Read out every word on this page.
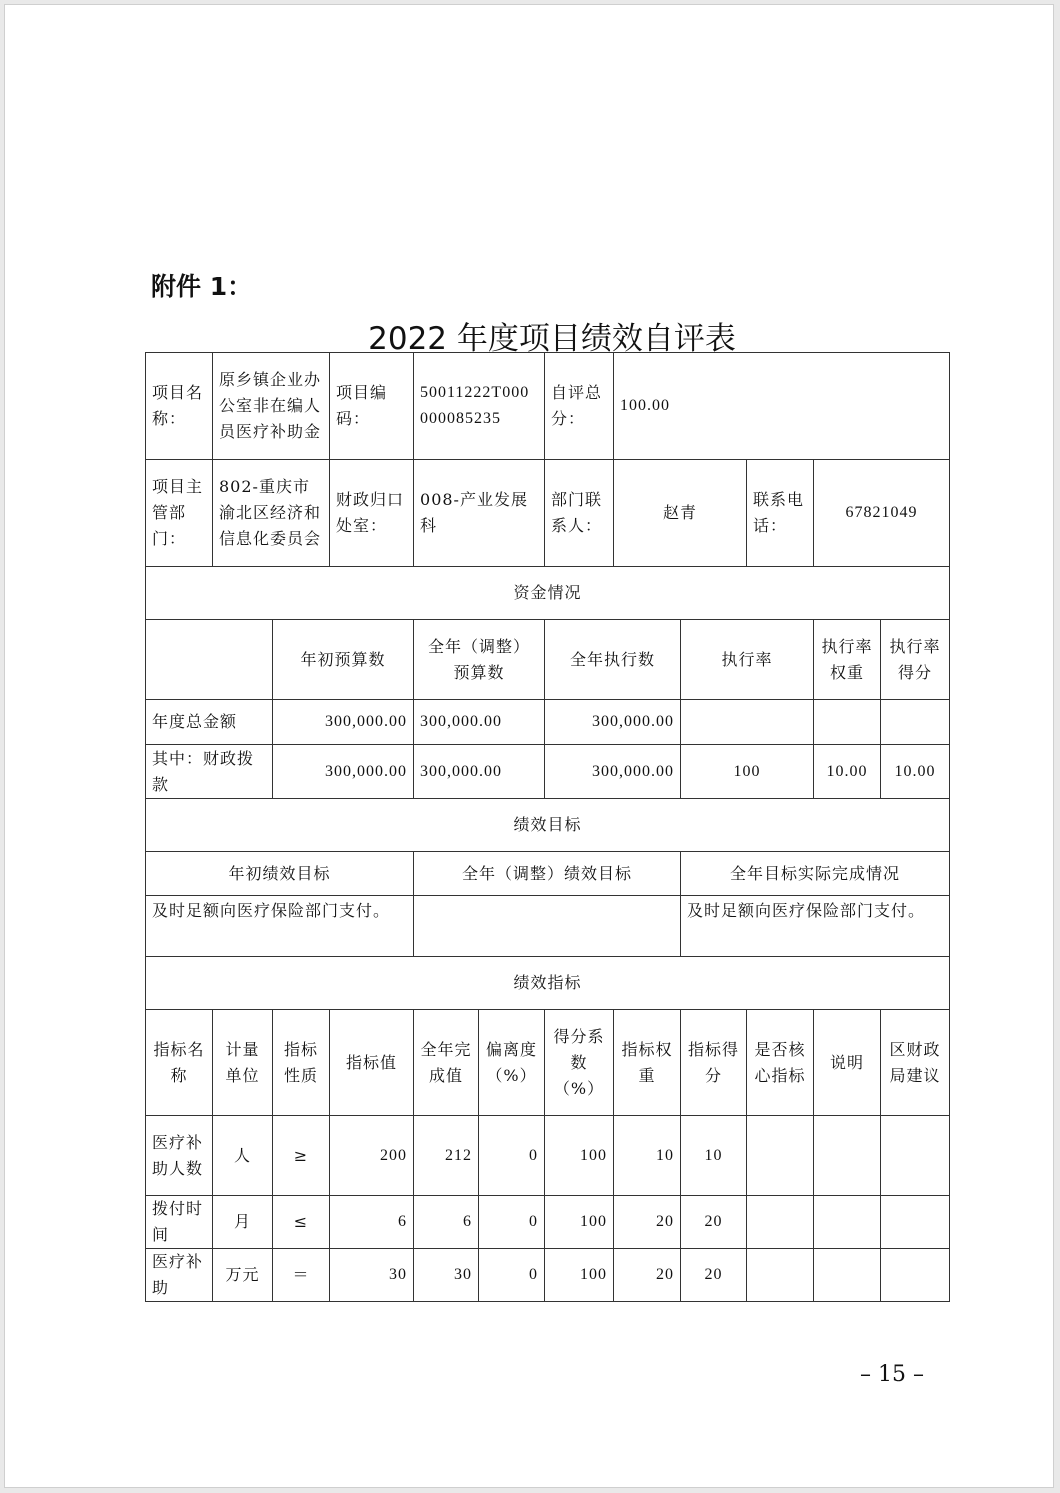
附件 1：
2022 年度项目绩效自评表
项目名称：	原乡镇企业办公室非在编人员医疗补助金		项目编码：	50011222T000000085235		自评总分：	100.00				
项目主管部门：	802-重庆市渝北区经济和信息化委员会		财政归口处室：	008-产业发展科		部门联系人：	赵青		联系电话：	67821049	
资金情况											
		年初预算数		全年（调整）预算数		全年执行数		执行率		执行率权重	执行率得分
年度总金额		300,000.00		300,000.00		300,000.00					
其中：财政拨款		300,000.00		300,000.00		300,000.00		100		10.00	10.00
绩效目标											
年初绩效目标				全年（调整）绩效目标				全年目标实际完成情况			
及时足额向医疗保险部门支付。								及时足额向医疗保险部门支付。			
绩效指标											
指标名称	计量单位	指标性质	指标值	全年完成值	偏离度（%）	得分系数（%）	指标权重	指标得分	是否核心指标	说明	区财政局建议
医疗补助人数	人	≥	200	212	0	100	10	10			
拨付时间	月	≤	6	6	0	100	20	20			
医疗补助	万元	＝	30	30	0	100	20	20			
– 15 –
